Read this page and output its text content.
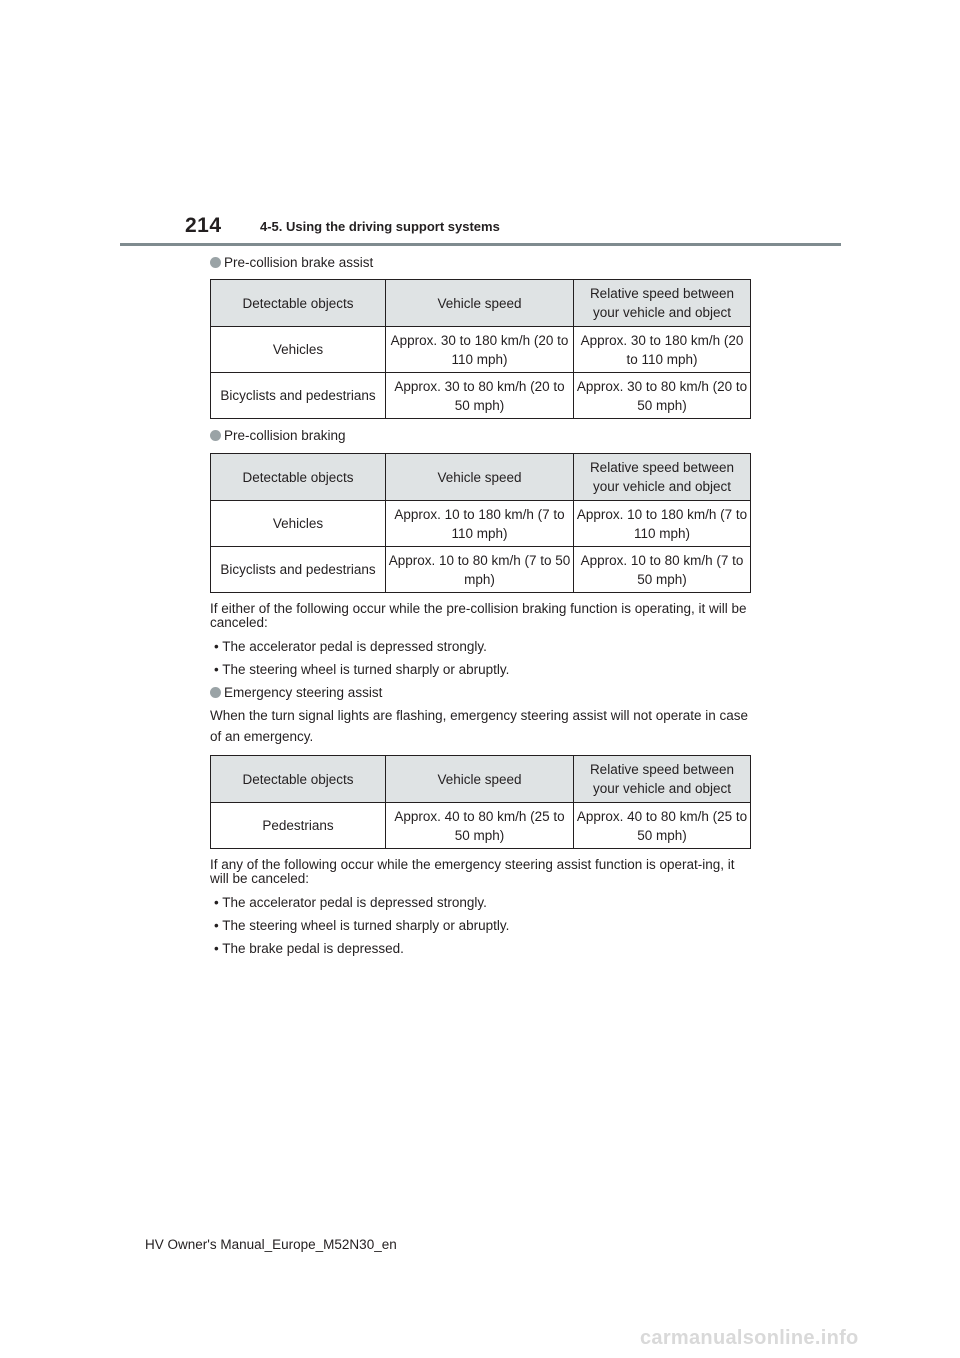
214	4-5. Using the driving support systems
Pre-collision brake assist
Detectable objects	Vehicle speed	Relative speed between your vehicle and object
Vehicles	Approx. 30 to 180 km/h (20 to 110 mph)	Approx. 30 to 180 km/h (20 to 110 mph)
Bicyclists and pedestrians	Approx. 30 to 80 km/h (20 to 50 mph)	Approx. 30 to 80 km/h (20 to 50 mph)
Pre-collision braking
Detectable objects	Vehicle speed	Relative speed between your vehicle and object
Vehicles	Approx. 10 to 180 km/h (7 to 110 mph)	Approx. 10 to 180 km/h (7 to 110 mph)
Bicyclists and pedestrians	Approx. 10 to 80 km/h (7 to 50 mph)	Approx. 10 to 80 km/h (7 to 50 mph)

If either of the following occur while the pre-collision braking function is operating, it will be canceled:

• The accelerator pedal is depressed strongly.

• The steering wheel is turned sharply or abruptly.

Emergency steering assist

When the turn signal lights are flashing, emergency steering assist will not operate in case of an emergency.

Detectable objects	Vehicle speed	Relative speed between your vehicle and object
Pedestrians	Approx. 40 to 80 km/h (25 to 50 mph)	Approx. 40 to 80 km/h (25 to 50 mph)

If any of the following occur while the emergency steering assist function is operat-ing, it will be canceled:

• The accelerator pedal is depressed strongly.

• The steering wheel is turned sharply or abruptly.

• The brake pedal is depressed.

HV Owner's Manual_Europe_M52N30_en
carmanualsonline.info
